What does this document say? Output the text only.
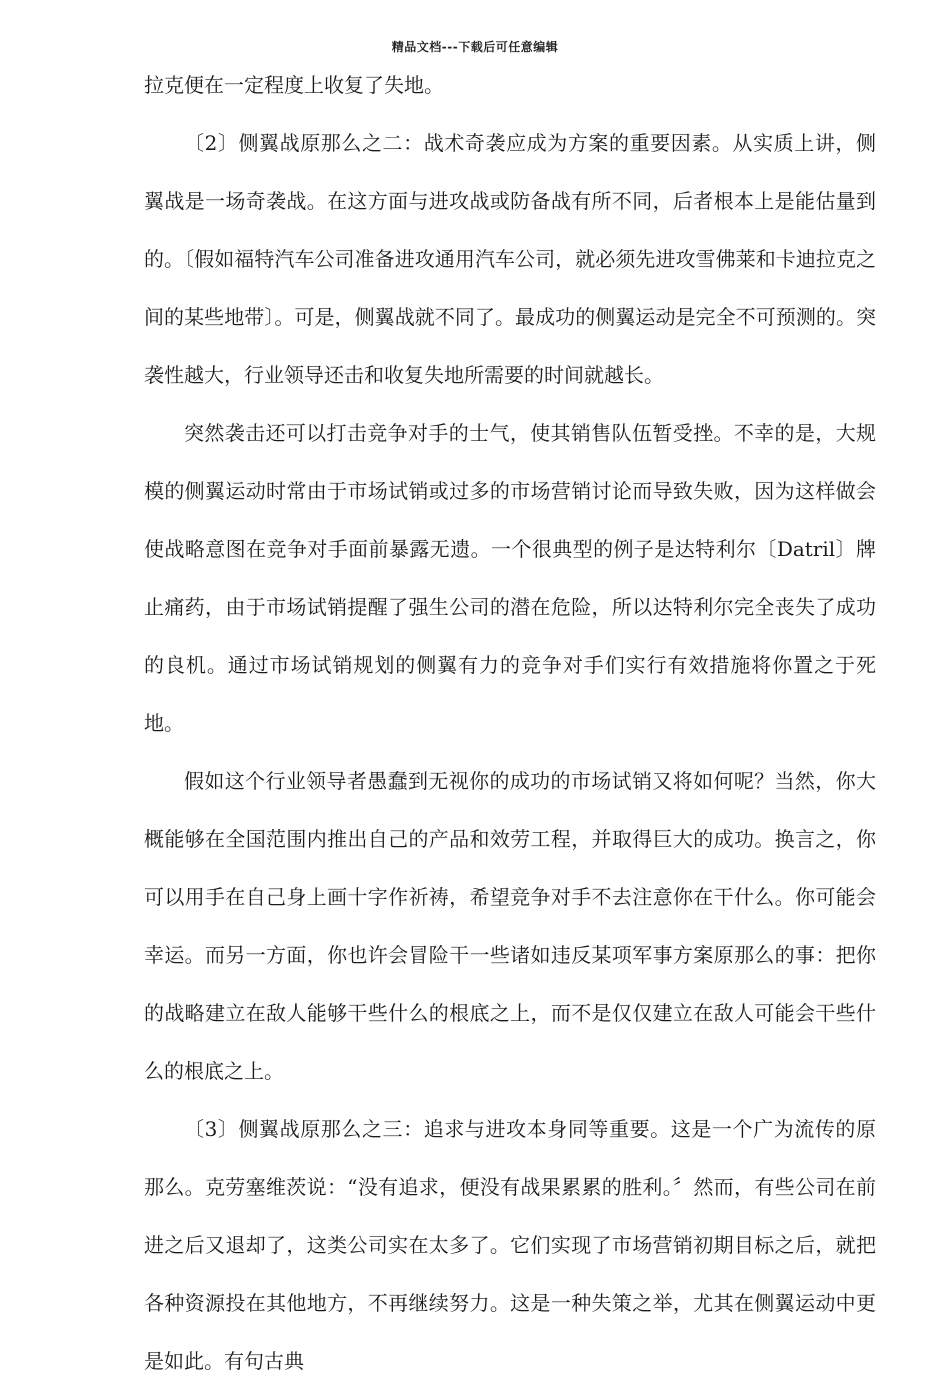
精品文档---下载后可任意编辑

拉克便在一定程度上收复了失地。

〔2〕侧翼战原那么之二：战术奇袭应成为方案的重要因素。从实质上讲，侧翼战是一场奇袭战。在这方面与进攻战或防备战有所不同，后者根本上是能估量到的。〔假如福特汽车公司准备进攻通用汽车公司，就必须先进攻雪佛莱和卡迪拉克之间的某些地带〕。可是，侧翼战就不同了。最成功的侧翼运动是完全不可预测的。突袭性越大，行业领导还击和收复失地所需要的时间就越长。

突然袭击还可以打击竞争对手的士气，使其销售队伍暂受挫。不幸的是，大规模的侧翼运动时常由于市场试销或过多的市场营销讨论而导致失败，因为这样做会使战略意图在竞争对手面前暴露无遗。一个很典型的例子是达特利尔〔Datril〕牌止痛药，由于市场试销提醒了强生公司的潜在危险，所以达特利尔完全丧失了成功的良机。通过市场试销规划的侧翼有力的竞争对手们实行有效措施将你置之于死地。

假如这个行业领导者愚蠢到无视你的成功的市场试销又将如何呢？当然，你大概能够在全国范围内推出自己的产品和效劳工程，并取得巨大的成功。换言之，你可以用手在自己身上画十字作祈祷，希望竞争对手不去注意你在干什么。你可能会幸运。而另一方面，你也许会冒险干一些诸如违反某项军事方案原那么的事：把你的战略建立在敌人能够干些什么的根底之上，而不是仅仅建立在敌人可能会干些什么的根底之上。

〔3〕侧翼战原那么之三：追求与进攻本身同等重要。这是一个广为流传的原那么。克劳塞维茨说：“没有追求，便没有战果累累的胜利。〞然而，有些公司在前进之后又退却了，这类公司实在太多了。它们实现了市场营销初期目标之后，就把各种资源投在其他地方，不再继续努力。这是一种失策之举，尤其在侧翼运动中更是如此。有句古典
